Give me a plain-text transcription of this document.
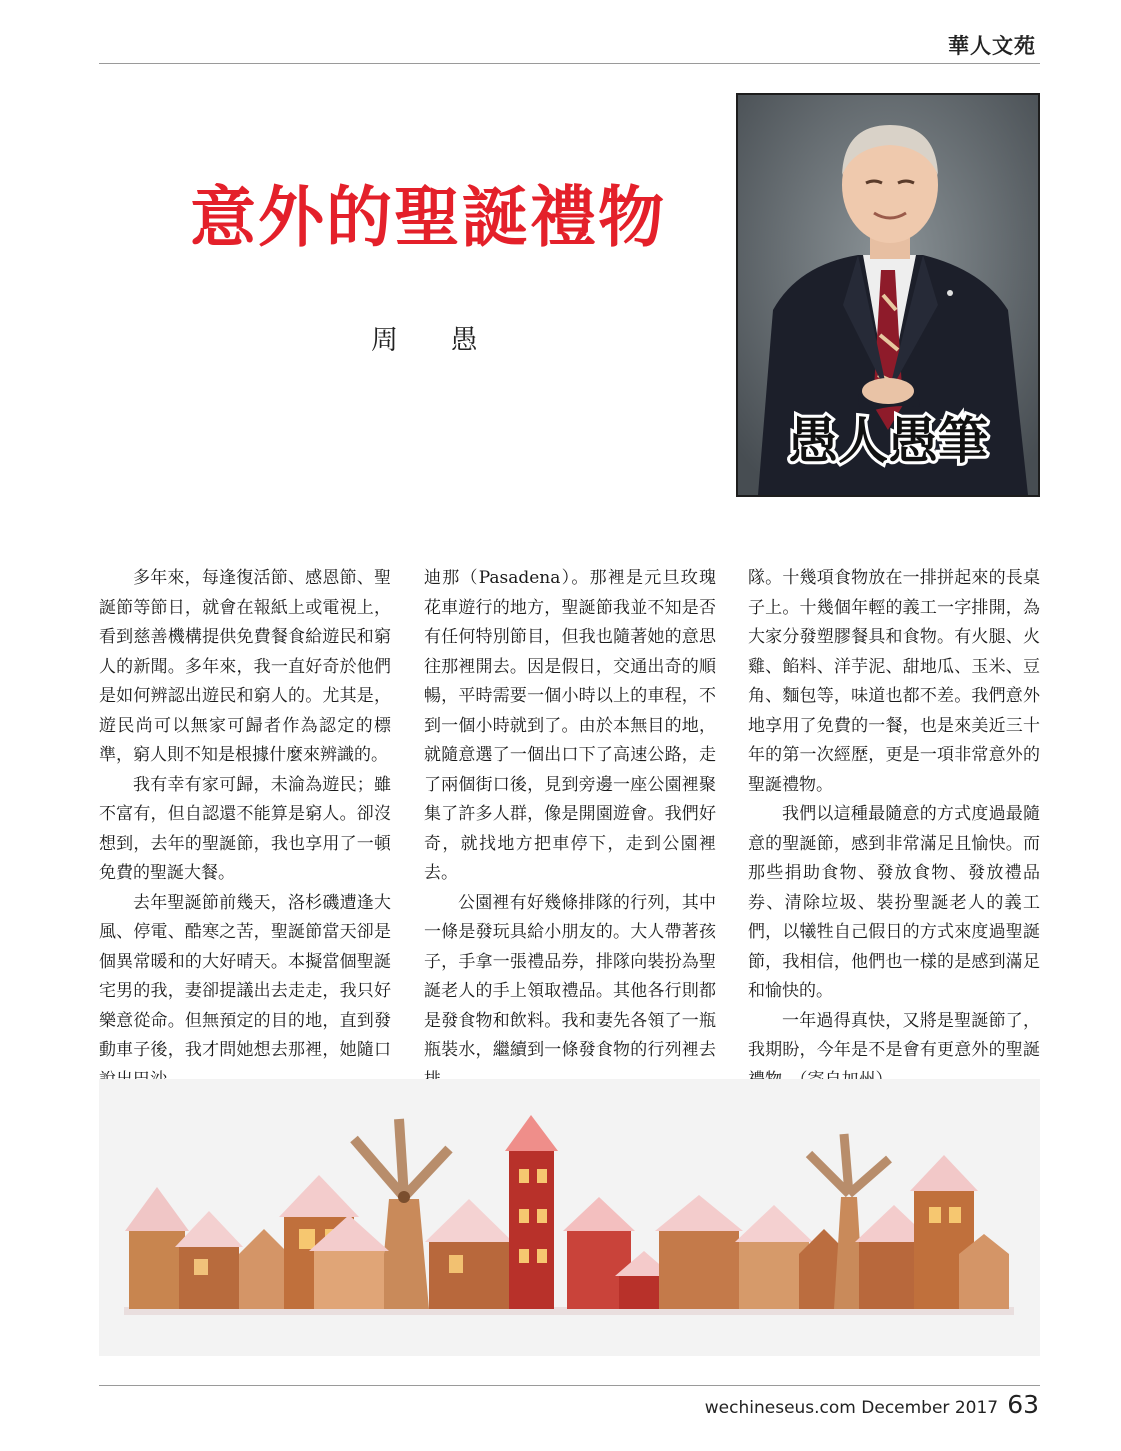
華人文苑
意外的聖誕禮物
周 愚
愚人愚筆

多年來，每逢復活節、感恩節、聖誕節等節日，就會在報紙上或電視上，看到慈善機構提供免費餐食給遊民和窮人的新聞。多年來，我一直好奇於他們是如何辨認出遊民和窮人的。尤其是，遊民尚可以無家可歸者作為認定的標準，窮人則不知是根據什麼來辨識的。

我有幸有家可歸，未淪為遊民；雖不富有，但自認還不能算是窮人。卻沒想到，去年的聖誕節，我也享用了一頓免費的聖誕大餐。

去年聖誕節前幾天，洛杉磯遭逢大風、停電、酷寒之苦，聖誕節當天卻是個異常暖和的大好晴天。本擬當個聖誕宅男的我，妻卻提議出去走走，我只好樂意從命。但無預定的目的地，直到發動車子後，我才問她想去那裡，她隨口

迪那（Pasadena）。那裡是元旦玫瑰花車遊行的地方，聖誕節我並不知是否有任何特別節目，但我也隨著她的意思往那裡開去。因是假日，交通出奇的順暢，平時需要一個小時以上的車程，不到一個小時就到了。由於本無目的地，就隨意選了一個出口下了高速公路，走了兩個街口後，見到旁邊一座公園裡聚集了許多人群，像是開園遊會。我們好奇，就找地方把車停下，走到公園裡去。

公園裡有好幾條排隊的行列，其中一條是發玩具給小朋友的。大人帶著孩子，手拿一張禮品券，排隊向裝扮為聖誕老人的手上領取禮品。其他各行則都是發食物和飲料。我和妻先各領了一瓶瓶裝水，繼續到一條發食物的行列裡去

隊。十幾項食物放在一排拼起來的長桌子上。十幾個年輕的義工一字排開，為大家分發塑膠餐具和食物。有火腿、火雞、餡料、洋芋泥、甜地瓜、玉米、豆角、麵包等，味道也都不差。我們意外地享用了免費的一餐，也是來美近三十年的第一次經歷，更是一項非常意外的聖誕禮物。

我們以這種最隨意的方式度過最隨意的聖誕節，感到非常滿足且愉快。而那些捐助食物、發放食物、發放禮品券、清除垃圾、裝扮聖誕老人的義工們，以犧牲自己假日的方式來度過聖誕節，我相信，他們也一樣的是感到滿足和愉快的。

一年過得真快，又將是聖誕節了，我期盼，今年是不是會有更意外的聖誕

wechineseus.com December 2017 63
